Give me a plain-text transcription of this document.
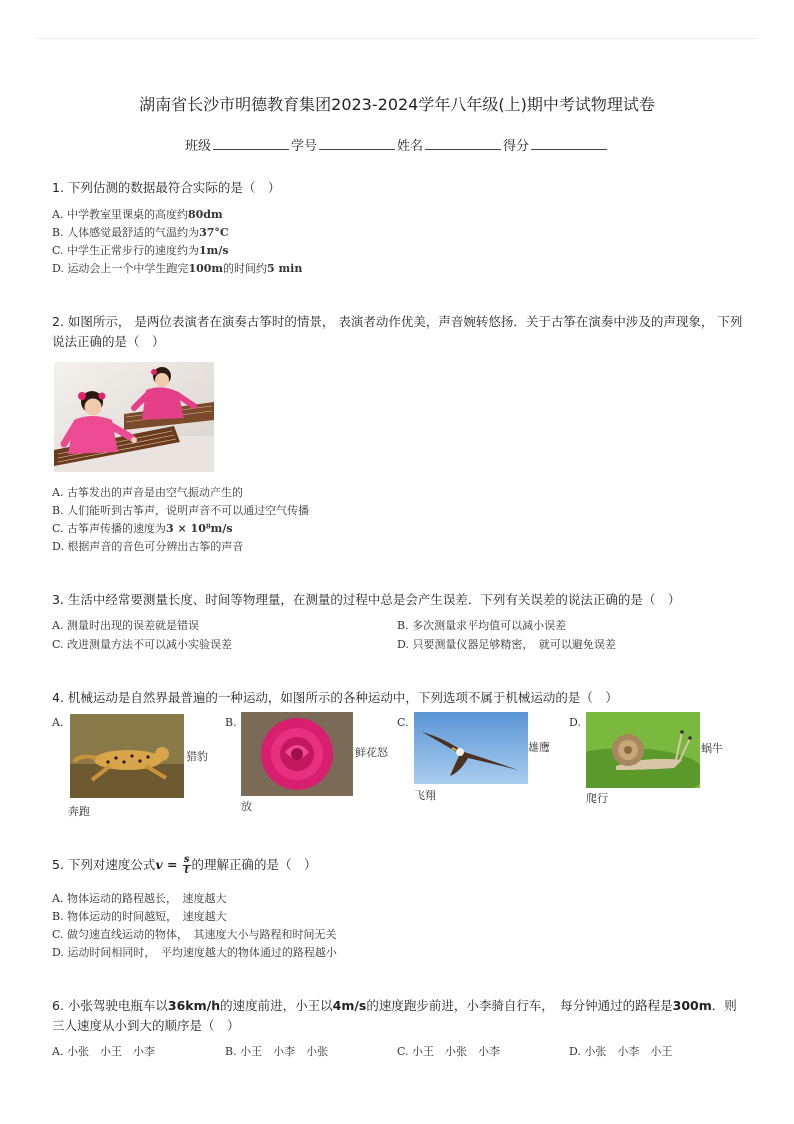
湖南省长沙市明德教育集团2023-2024学年八年级(上)期中考试物理试卷
班级	学号	姓名	得分
1. 下列估测的数据最符合实际的是（　）
A. 中学教室里课桌的高度约80dm
B. 人体感觉最舒适的气温约为37°C
C. 中学生正常步行的速度约为1m/s
D. 运动会上一个中学生跑完100m的时间约5 min
2. 如图所示， 是两位表演者在演奏古筝时的情景， 表演者动作优美，声音婉转悠扬．关于古筝在演奏中涉及的声现象， 下列说法正确的是（　）
A. 古筝发出的声音是由空气振动产生的
B. 人们能听到古筝声，说明声音不可以通过空气传播
C. 古筝声传播的速度为3 × 10⁸m/s
D. 根据声音的音色可分辨出古筝的声音
3. 生活中经常要测量长度、时间等物理量，在测量的过程中总是会产生误差．下列有关误差的说法正确的是（　）
A. 测量时出现的误差就是错误	B. 多次测量求平均值可以减小误差
C. 改进测量方法不可以减小实验误差	D. 只要测量仪器足够精密，　就可以避免误差
4. 机械运动是自然界最普遍的一种运动，如图所示的各种运动中，下列选项不属于机械运动的是（　）
A.
猎豹
奔跑
B.
鲜花怒
放
C.
雄鹰
飞翔
D.
蜗牛
爬行
5. 下列对速度公式$v = \frac{s}{t}$ 的理解正确的是（　）
A. 物体运动的路程越长，　速度越大
B. 物体运动的时间越短，　速度越大
C. 做匀速直线运动的物体，　其速度大小与路程和时间无关
D. 运动时间相同时，　平均速度越大的物体通过的路程越小
6. 小张驾驶电瓶车以36km/h的速度前进，小王以4m/s的速度跑步前进，小李骑自行车，　每分钟通过的路程是300m．则三人速度从小到大的顺序是（　）
A. 小张　小王　小李	B. 小王　小李　小张	C. 小王　小张　小李	D. 小张　小李　小王
